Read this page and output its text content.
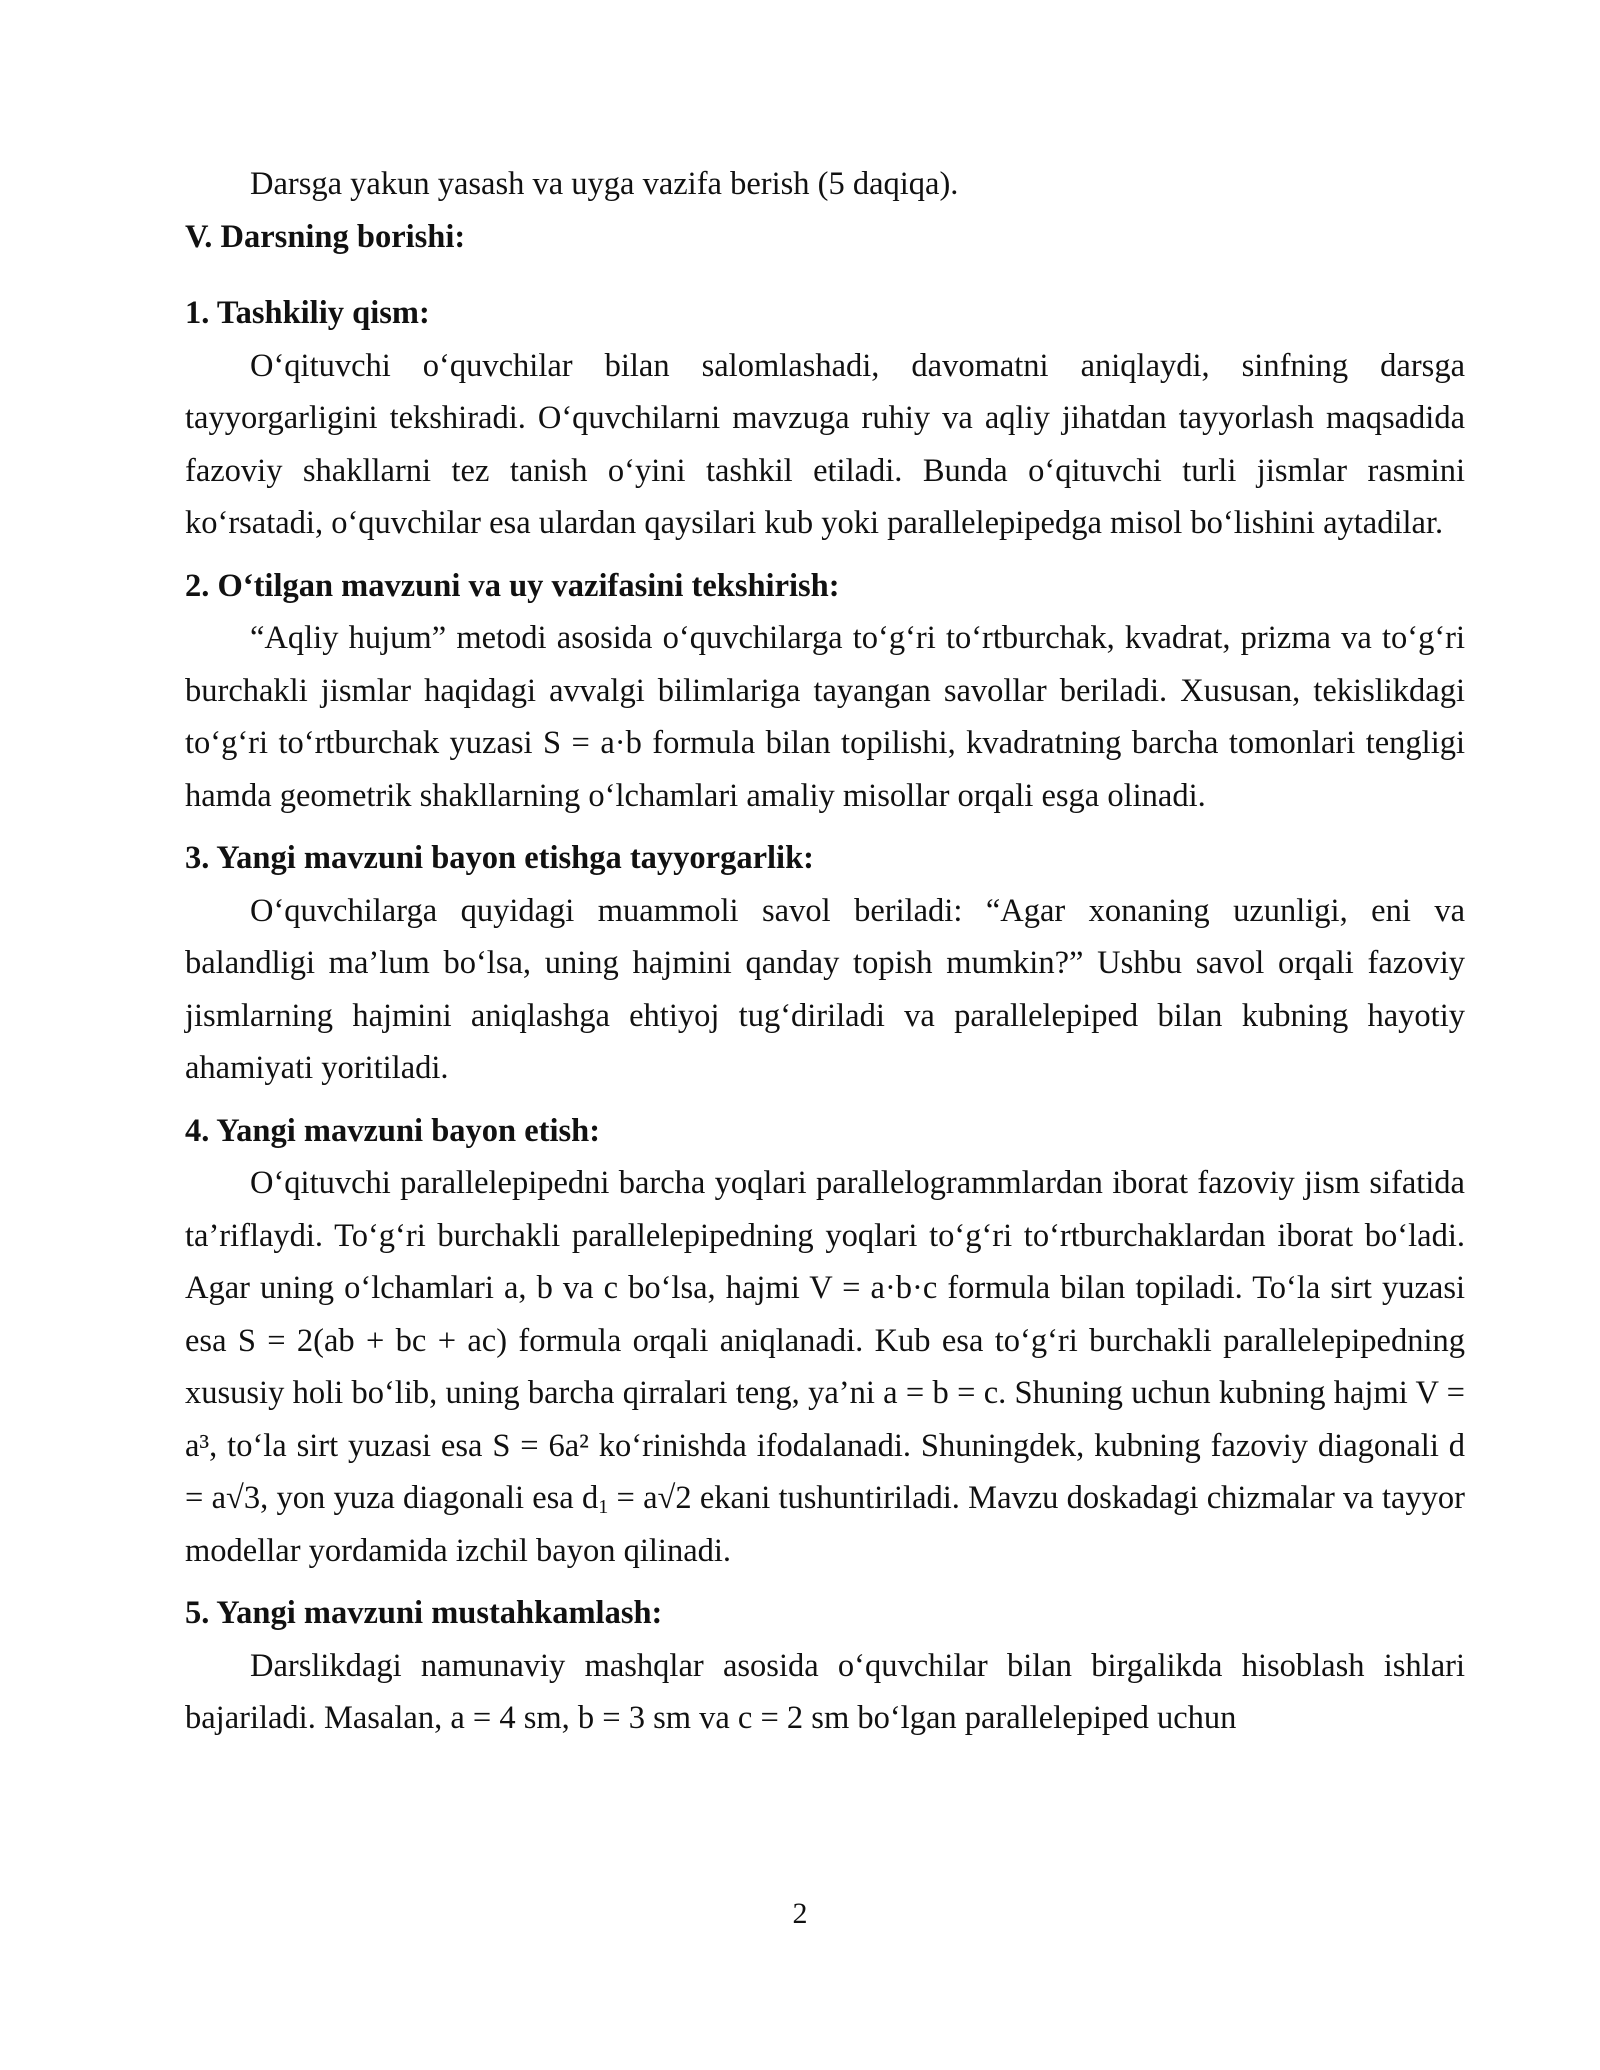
Darsga yakun yasash va uyga vazifa berish (5 daqiqa).

V. Darsning borishi:

1. Tashkiliy qism:

O‘qituvchi o‘quvchilar bilan salomlashadi, davomatni aniqlaydi, sinfning darsga tayyorgarligini tekshiradi. O‘quvchilarni mavzuga ruhiy va aqliy jihatdan tayyorlash maqsadida fazoviy shakllarni tez tanish o‘yini tashkil etiladi. Bunda o‘qituvchi turli jismlar rasmini ko‘rsatadi, o‘quvchilar esa ulardan qaysilari kub yoki parallelepipedga misol bo‘lishini aytadilar.

2. O‘tilgan mavzuni va uy vazifasini tekshirish:

“Aqliy hujum” metodi asosida o‘quvchilarga to‘g‘ri to‘rtburchak, kvadrat, prizma va to‘g‘ri burchakli jismlar haqidagi avvalgi bilimlariga tayangan savollar beriladi. Xususan, tekislikdagi to‘g‘ri to‘rtburchak yuzasi S = a·b formula bilan topilishi, kvadratning barcha tomonlari tengligi hamda geometrik shakllarning o‘lchamlari amaliy misollar orqali esga olinadi.

3. Yangi mavzuni bayon etishga tayyorgarlik:

O‘quvchilarga quyidagi muammoli savol beriladi: “Agar xonaning uzunligi, eni va balandligi ma’lum bo‘lsa, uning hajmini qanday topish mumkin?” Ushbu savol orqali fazoviy jismlarning hajmini aniqlashga ehtiyoj tug‘diriladi va parallelepiped bilan kubning hayotiy ahamiyati yoritiladi.

4. Yangi mavzuni bayon etish:

O‘qituvchi parallelepipedni barcha yoqlari parallelogrammlardan iborat fazoviy jism sifatida ta’riflaydi. To‘g‘ri burchakli parallelepipedning yoqlari to‘g‘ri to‘rtburchaklardan iborat bo‘ladi. Agar uning o‘lchamlari a, b va c bo‘lsa, hajmi V = a·b·c formula bilan topiladi. To‘la sirt yuzasi esa S = 2(ab + bc + ac) formula orqali aniqlanadi. Kub esa to‘g‘ri burchakli parallelepipedning xususiy holi bo‘lib, uning barcha qirralari teng, ya’ni a = b = c. Shuning uchun kubning hajmi V = a³, to‘la sirt yuzasi esa S = 6a² ko‘rinishda ifodalanadi. Shuningdek, kubning fazoviy diagonali d = a√3, yon yuza diagonali esa $d_1 = a√2$ ekani tushuntiriladi. Mavzu doskadagi chizmalar va tayyor modellar yordamida izchil bayon qilinadi.

5. Yangi mavzuni mustahkamlash:

Darslikdagi namunaviy mashqlar asosida o‘quvchilar bilan birgalikda hisoblash ishlari bajariladi. Masalan, a = 4 sm, b = 3 sm va c = 2 sm bo‘lgan parallelepiped uchun

2
